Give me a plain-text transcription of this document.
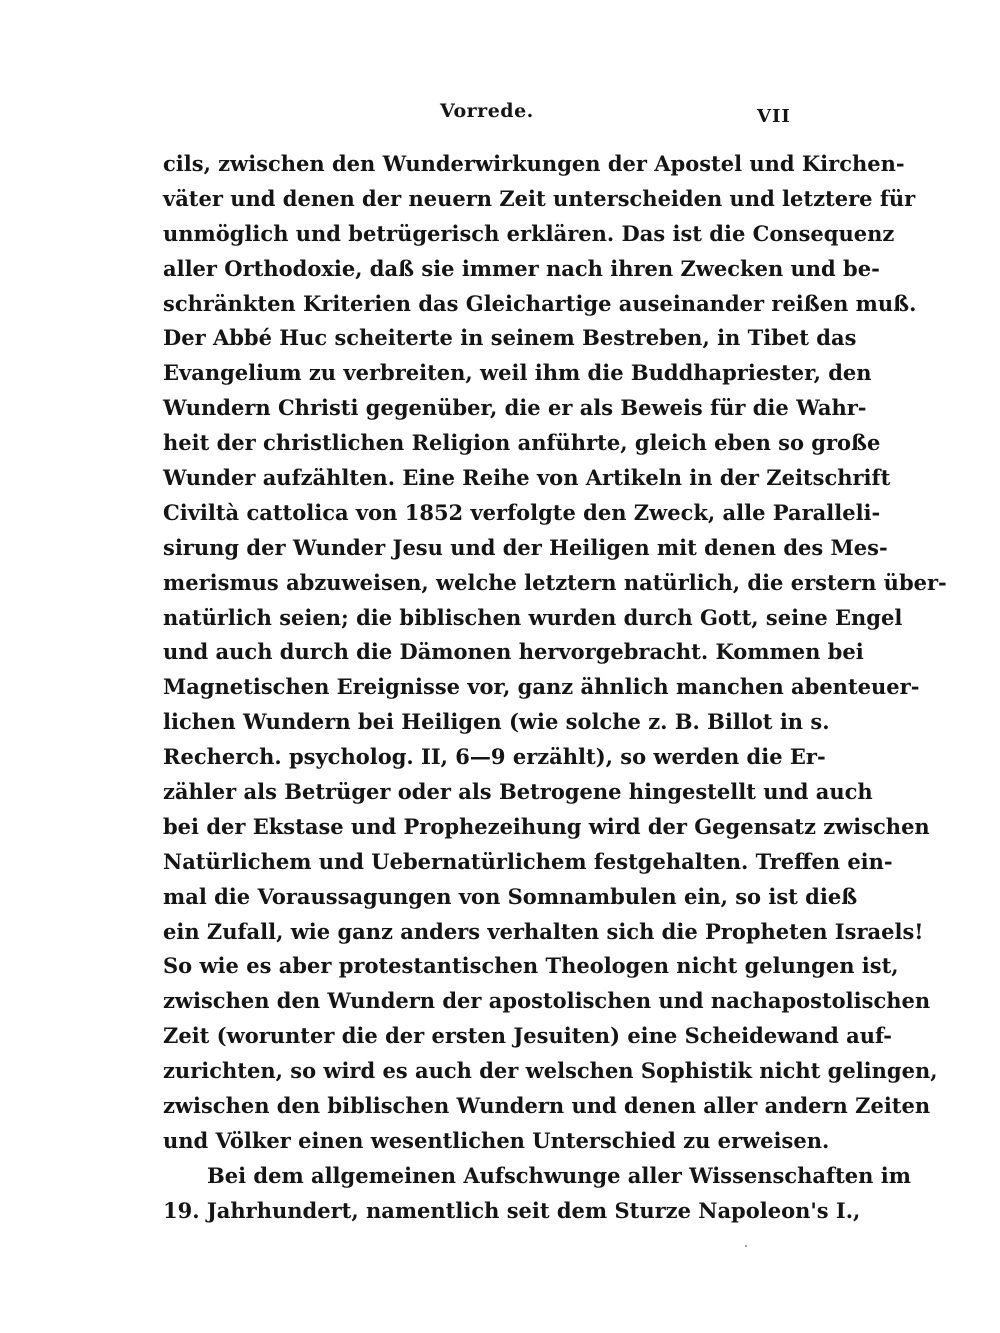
Vorrede.	VII
cils, zwischen den Wunderwirkungen der Apostel und Kirchen-
väter und denen der neuern Zeit unterscheiden und letztere für
unmöglich und betrügerisch erklären. Das ist die Consequenz
aller Orthodoxie, daß sie immer nach ihren Zwecken und be-
schränkten Kriterien das Gleichartige auseinander reißen muß.
Der Abbé Huc scheiterte in seinem Bestreben, in Tibet das
Evangelium zu verbreiten, weil ihm die Buddhapriester, den
Wundern Christi gegenüber, die er als Beweis für die Wahr-
heit der christlichen Religion anführte, gleich eben so große
Wunder aufzählten. Eine Reihe von Artikeln in der Zeitschrift
Civiltà cattolica von 1852 verfolgte den Zweck, alle Paralleli-
sirung der Wunder Jesu und der Heiligen mit denen des Mes-
merismus abzuweisen, welche letztern natürlich, die erstern über-
natürlich seien; die biblischen wurden durch Gott, seine Engel
und auch durch die Dämonen hervorgebracht. Kommen bei
Magnetischen Ereignisse vor, ganz ähnlich manchen abenteuer-
lichen Wundern bei Heiligen (wie solche z. B. Billot in s.
Recherch. psycholog. II, 6—9 erzählt), so werden die Er-
zähler als Betrüger oder als Betrogene hingestellt und auch
bei der Ekstase und Prophezeihung wird der Gegensatz zwischen
Natürlichem und Uebernatürlichem festgehalten. Treffen ein-
mal die Voraussagungen von Somnambulen ein, so ist dieß
ein Zufall, wie ganz anders verhalten sich die Propheten Israels!
So wie es aber protestantischen Theologen nicht gelungen ist,
zwischen den Wundern der apostolischen und nachapostolischen
Zeit (worunter die der ersten Jesuiten) eine Scheidewand auf-
zurichten, so wird es auch der welschen Sophistik nicht gelingen,
zwischen den biblischen Wundern und denen aller andern Zeiten
und Völker einen wesentlichen Unterschied zu erweisen.
Bei dem allgemeinen Aufschwunge aller Wissenschaften im
19. Jahrhundert, namentlich seit dem Sturze Napoleon's I.,
